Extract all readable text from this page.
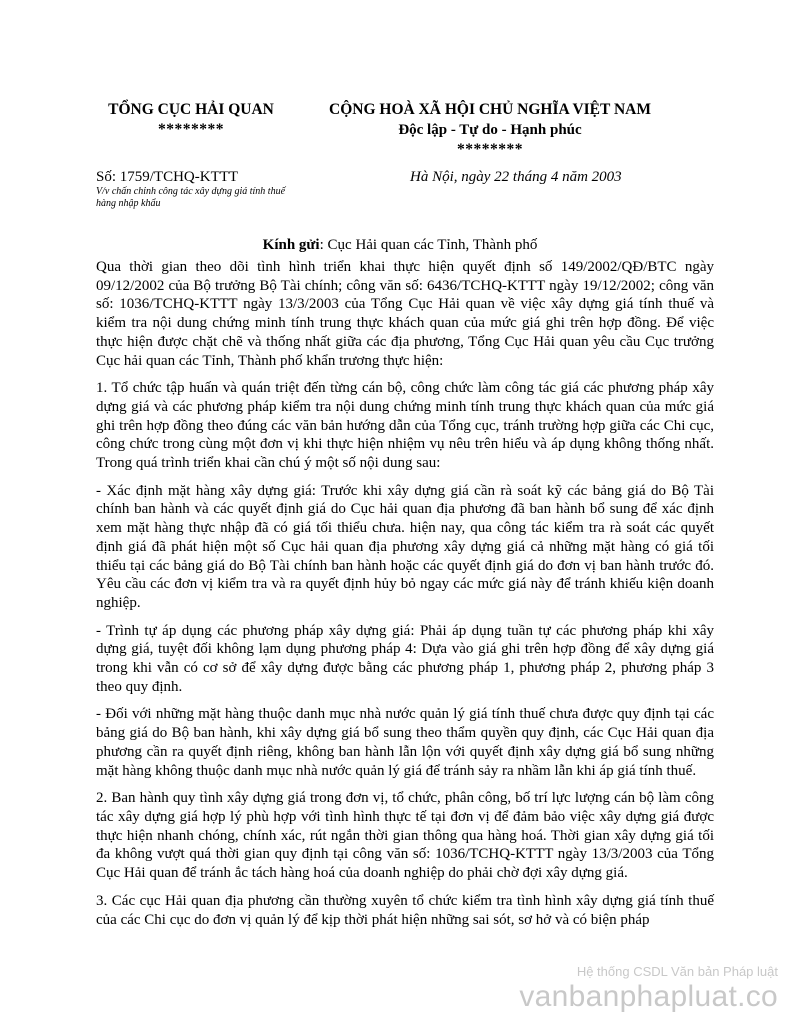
TỔNG CỤC HẢI QUAN
********
CỘNG HOÀ XÃ HỘI CHỦ NGHĨA VIỆT NAM
Độc lập - Tự do - Hạnh phúc
********
Số: 1759/TCHQ-KTTT
V/v chấn chỉnh công tác xây dựng giá tính thuế hàng nhập khẩu
Hà Nội, ngày 22 tháng 4 năm 2003
Kính gửi: Cục Hải quan các Tỉnh, Thành phố

Qua thời gian theo dõi tình hình triển khai thực hiện quyết định số 149/2002/QĐ/BTC ngày 09/12/2002 của Bộ trưởng Bộ Tài chính; công văn số: 6436/TCHQ-KTTT ngày 19/12/2002; công văn số: 1036/TCHQ-KTTT ngày 13/3/2003 của Tổng Cục Hải quan về việc xây dựng giá tính thuế và kiểm tra nội dung chứng minh tính trung thực khách quan của mức giá ghi trên hợp đồng. Để việc thực hiện được chặt chẽ và thống nhất giữa các địa phương, Tổng Cục Hải quan yêu cầu Cục trưởng Cục hải quan các Tỉnh, Thành phố khẩn trương thực hiện:

1. Tổ chức tập huấn và quán triệt đến từng cán bộ, công chức làm công tác giá các phương pháp xây dựng giá và các phương pháp kiểm tra nội dung chứng minh tính trung thực khách quan của mức giá ghi trên hợp đồng theo đúng các văn bản hướng dẫn của Tổng cục, tránh trường hợp giữa các Chi cục, công chức trong cùng một đơn vị khi thực hiện nhiệm vụ nêu trên hiểu và áp dụng không thống nhất. Trong quá trình triển khai cần chú ý một số nội dung sau:

- Xác định mặt hàng xây dựng giá: Trước khi xây dựng giá cần rà soát kỹ các bảng giá do Bộ Tài chính ban hành và các quyết định giá do Cục hải quan địa phương đã ban hành bổ sung để xác định xem mặt hàng thực nhập đã có giá tối thiểu chưa. hiện nay, qua công tác kiểm tra rà soát các quyết định giá đã phát hiện một số Cục hải quan địa phương xây dựng giá cả những mặt hàng có giá tối thiểu tại các bảng giá do Bộ Tài chính ban hành hoặc các quyết định giá do đơn vị ban hành trước đó. Yêu cầu các đơn vị kiểm tra và ra quyết định hủy bỏ ngay các mức giá này để tránh khiếu kiện doanh nghiệp.

- Trình tự áp dụng các phương pháp xây dựng giá: Phải áp dụng tuần tự các phương pháp khi xây dựng giá, tuyệt đối không lạm dụng phương pháp 4: Dựa vào giá ghi trên hợp đồng để xây dựng giá trong khi vẫn có cơ sở để xây dựng được bằng các phương pháp 1, phương pháp 2, phương pháp 3 theo quy định.

- Đối với những mặt hàng thuộc danh mục nhà nước quản lý giá tính thuế chưa được quy định tại các bảng giá do Bộ ban hành, khi xây dựng giá bổ sung theo thẩm quyền quy định, các Cục Hải quan địa phương cần ra quyết định riêng, không ban hành lẫn lộn với quyết định xây dựng giá bổ sung những mặt hàng không thuộc danh mục nhà nước quản lý giá để tránh sảy ra nhầm lẫn khi áp giá tính thuế.

2. Ban hành quy tình xây dựng giá trong đơn vị, tổ chức, phân công, bố trí lực lượng cán bộ làm công tác xây dựng giá hợp lý phù hợp với tình hình thực tế tại đơn vị để đảm bảo việc xây dựng giá được thực hiện nhanh chóng, chính xác, rút ngắn thời gian thông qua hàng hoá. Thời gian xây dựng giá tối đa không vượt quá thời gian quy định tại công văn số: 1036/TCHQ-KTTT ngày 13/3/2003 của Tổng Cục Hải quan để tránh ắc tách hàng hoá của doanh nghiệp do phải chờ đợi xây dựng giá.

3. Các cục Hải quan địa phương cần thường xuyên tổ chức kiểm tra tình hình xây dựng giá tính thuế của các Chi cục do đơn vị quản lý để kịp thời phát hiện những sai sót, sơ hở và có biện pháp

Hệ thống CSDL Văn bản Pháp luật
vanbanphapluat.co
